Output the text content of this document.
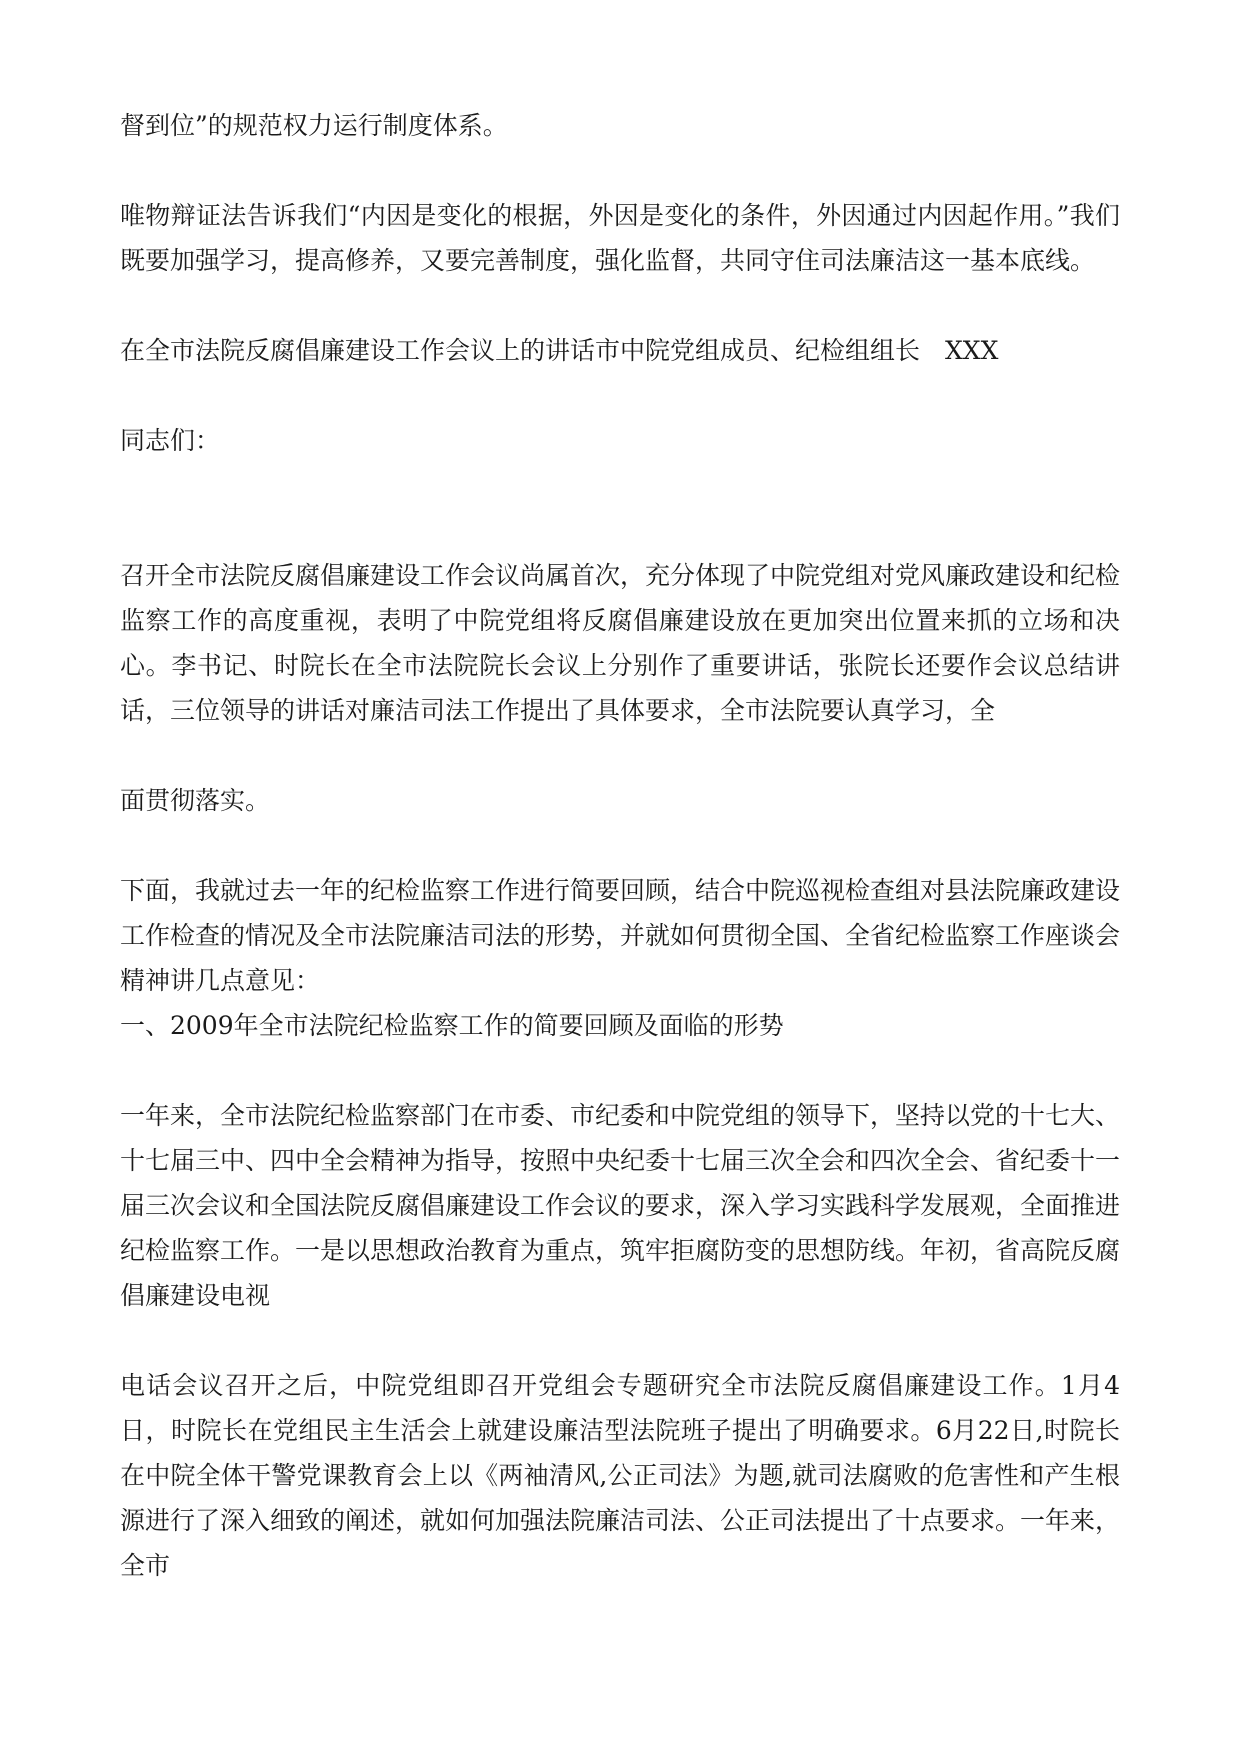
督到位”的规范权力运行制度体系。

唯物辩证法告诉我们“内因是变化的根据，外因是变化的条件，外因通过内因起作用。”我们既要加强学习，提高修养，又要完善制度，强化监督，共同守住司法廉洁这一基本底线。

在全市法院反腐倡廉建设工作会议上的讲话市中院党组成员、纪检组组长　XXX

同志们：

召开全市法院反腐倡廉建设工作会议尚属首次，充分体现了中院党组对党风廉政建设和纪检监察工作的高度重视，表明了中院党组将反腐倡廉建设放在更加突出位置来抓的立场和决心。李书记、时院长在全市法院院长会议上分别作了重要讲话，张院长还要作会议总结讲话，三位领导的讲话对廉洁司法工作提出了具体要求，全市法院要认真学习，全

面贯彻落实。

下面，我就过去一年的纪检监察工作进行简要回顾，结合中院巡视检查组对县法院廉政建设工作检查的情况及全市法院廉洁司法的形势，并就如何贯彻全国、全省纪检监察工作座谈会精神讲几点意见：

一、2009年全市法院纪检监察工作的简要回顾及面临的形势

一年来，全市法院纪检监察部门在市委、市纪委和中院党组的领导下，坚持以党的十七大、十七届三中、四中全会精神为指导，按照中央纪委十七届三次全会和四次全会、省纪委十一届三次会议和全国法院反腐倡廉建设工作会议的要求，深入学习实践科学发展观，全面推进纪检监察工作。一是以思想政治教育为重点，筑牢拒腐防变的思想防线。年初，省高院反腐倡廉建设电视

电话会议召开之后，中院党组即召开党组会专题研究全市法院反腐倡廉建设工作。1月4日，时院长在党组民主生活会上就建设廉洁型法院班子提出了明确要求。6月22日,时院长在中院全体干警党课教育会上以《两袖清风,公正司法》为题,就司法腐败的危害性和产生根源进行了深入细致的阐述，就如何加强法院廉洁司法、公正司法提出了十点要求。一年来，全市
